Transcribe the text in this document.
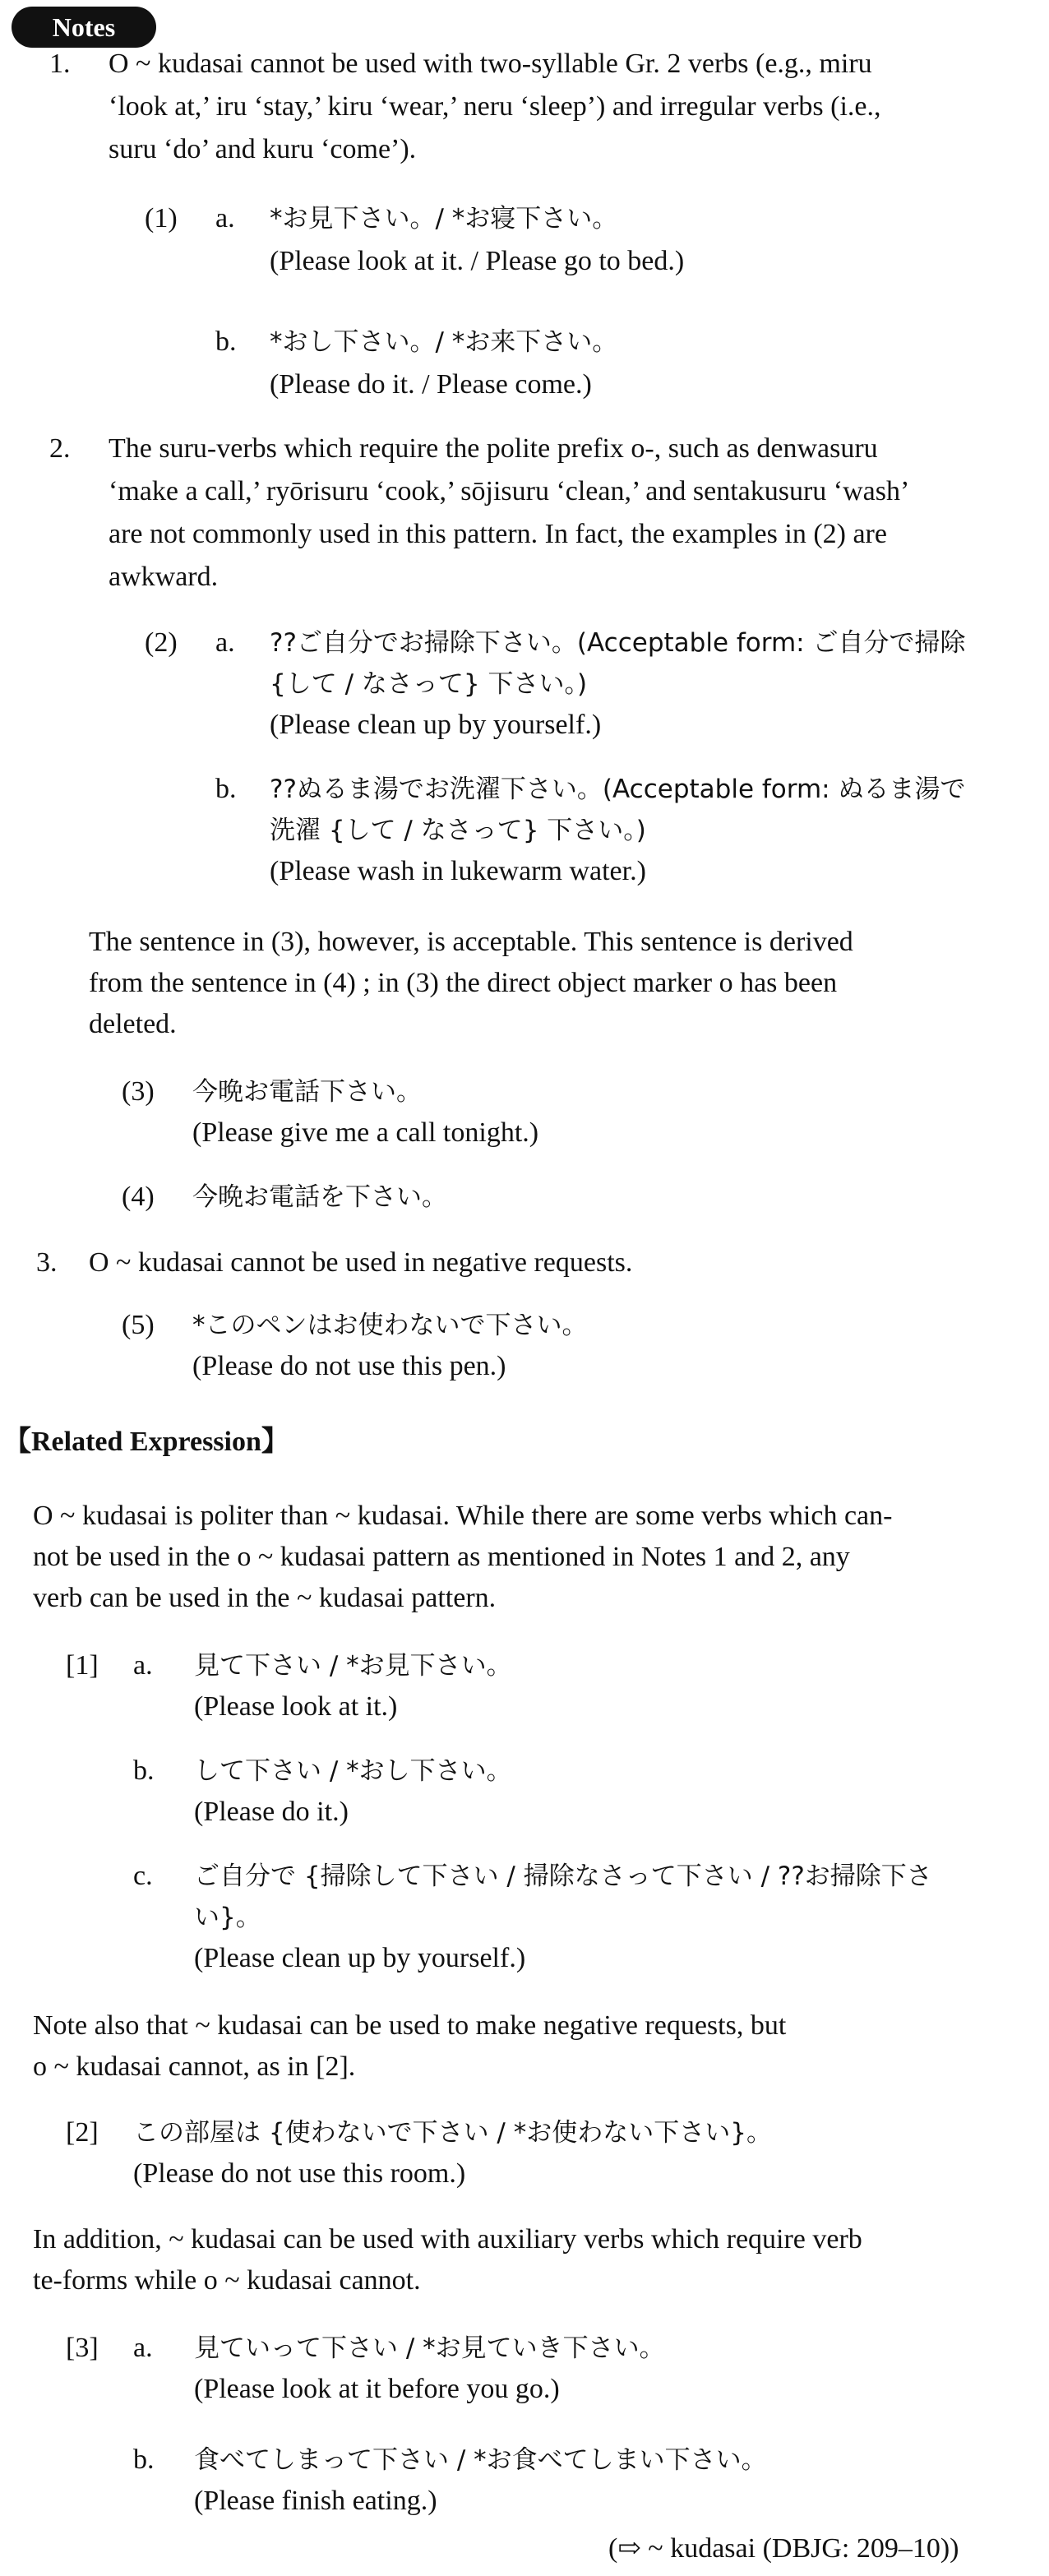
Notes
1. O ~ kudasai cannot be used with two-syllable Gr. 2 verbs (e.g., miru
‘look at,’ iru ‘stay,’ kiru ‘wear,’ neru ‘sleep’) and irregular verbs (i.e.,
suru ‘do’ and kuru ‘come’).
(1) a. *お見下さい。/ *お寝下さい。
(Please look at it. / Please go to bed.)
b. *おし下さい。/ *お来下さい。
(Please do it. / Please come.)
2. The suru-verbs which require the polite prefix o-, such as denwasuru
‘make a call,’ ryōrisuru ‘cook,’ sōjisuru ‘clean,’ and sentakusuru ‘wash’
are not commonly used in this pattern. In fact, the examples in (2) are
awkward.
(2) a. ??ご自分でお掃除下さい。(Acceptable form: ご自分で掃除
{して / なさって} 下さい。)
(Please clean up by yourself.)
b. ??ぬるま湯でお洗濯下さい。(Acceptable form: ぬるま湯で
洗濯 {して / なさって} 下さい。)
(Please wash in lukewarm water.)
The sentence in (3), however, is acceptable. This sentence is derived
from the sentence in (4) ; in (3) the direct object marker o has been
deleted.
(3) 今晩お電話下さい。
(Please give me a call tonight.)
(4) 今晩お電話を下さい。
3. O ~ kudasai cannot be used in negative requests.
(5) *このペンはお使わないで下さい。
(Please do not use this pen.)
【Related Expression】
O ~ kudasai is politer than ~ kudasai. While there are some verbs which can-
not be used in the o ~ kudasai pattern as mentioned in Notes 1 and 2, any
verb can be used in the ~ kudasai pattern.
[1] a. 見て下さい / *お見下さい。
(Please look at it.)
b. して下さい / *おし下さい。
(Please do it.)
c. ご自分で {掃除して下さい / 掃除なさって下さい / ??お掃除下さ
い}。
(Please clean up by yourself.)
Note also that ~ kudasai can be used to make negative requests, but
o ~ kudasai cannot, as in [2].
[2] この部屋は {使わないで下さい / *お使わない下さい}。
(Please do not use this room.)
In addition, ~ kudasai can be used with auxiliary verbs which require verb
te-forms while o ~ kudasai cannot.
[3] a. 見ていって下さい / *お見ていき下さい。
(Please look at it before you go.)
b. 食べてしまって下さい / *お食べてしまい下さい。
(Please finish eating.)
(⇨ ~ kudasai (DBJG: 209–10))
